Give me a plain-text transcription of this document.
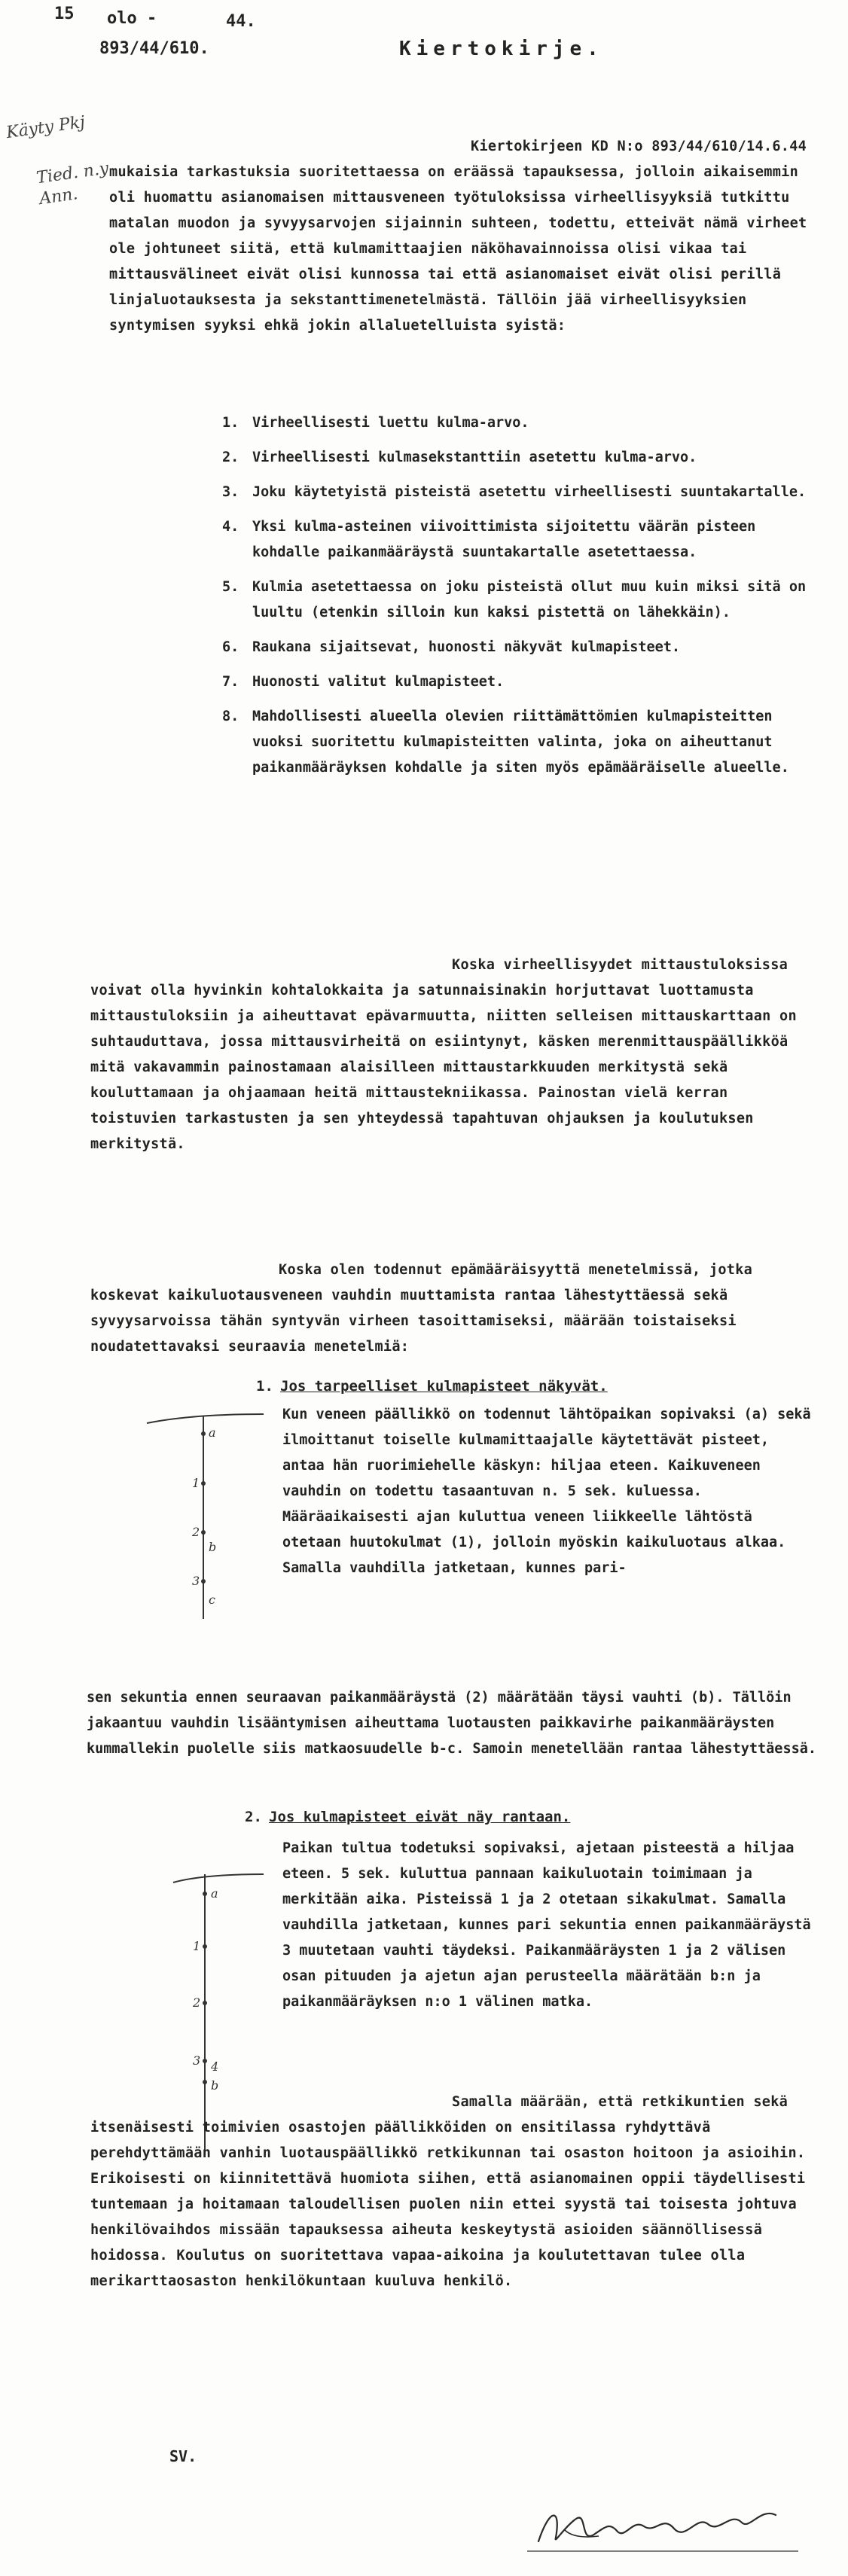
15 olo -	44.
893/44/610.	Kiertokirje.
Käyty Pkj
Tied. n.y Ann.
Kiertokirjeen KD N:o 893/44/610/14.6.44 mukaisia tarkastuksia suoritettaessa on eräässä tapauksessa, jolloin aikaisemmin oli huomattu asianomaisen mittausveneen työtuloksissa virheellisyyksiä tutkittu matalan muodon ja syvyysarvojen sijainnin suhteen, todettu, etteivät nämä virheet ole johtuneet siitä, että kulmamittaajien näköhavainnoissa olisi vikaa tai mittausvälineet eivät olisi kunnossa tai että asianomaiset eivät olisi perillä linjaluotauksesta ja sekstanttimenetelmästä. Tällöin jää virheellisyyksien syntymisen syyksi ehkä jokin allaluetelluista syistä:
1. Virheellisesti luettu kulma-arvo.
2. Virheellisesti kulmasekstanttiin asetettu kulma-arvo.
3. Joku käytetyistä pisteistä asetettu virheellisesti suuntakartalle.
4. Yksi kulma-asteinen viivoittimista sijoitettu väärän pisteen kohdalle paikanmääräystä suuntakartalle asetettaessa.
5. Kulmia asetettaessa on joku pisteistä ollut muu kuin miksi sitä on luultu (etenkin silloin kun kaksi pistettä on lähekkäin).
6. Raukana sijaitsevat, huonosti näkyvät kulmapisteet.
7. Huonosti valitut kulmapisteet.
8. Mahdollisesti alueella olevien riittämättömien kulmapisteitten vuoksi suoritettu kulmapisteitten valinta, joka on aiheuttanut paikanmääräyksen kohdalle ja siten myös epämääräiselle alueelle.
Koska virheellisyydet mittaustuloksissa voivat olla hyvinkin kohtalokkaita ja satunnaisinakin horjuttavat luottamusta mittaustuloksiin ja aiheuttavat epävarmuutta, niitten selleisen mittauskarttaan on suhtauduttava, jossa mittausvirheitä on esiintynyt, käsken merenmittauspäällikköä mitä vakavammin painostamaan alaisilleen mittaustarkkuuden merkitystä sekä kouluttamaan ja ohjaamaan heitä mittaustekniikassa. Painostan vielä kerran toistuvien tarkastusten ja sen yhteydessä tapahtuvan ohjauksen ja koulutuksen merkitystä.
Koska olen todennut epämääräisyyttä menetelmissä, jotka koskevat kaikuluotausveneen vauhdin muuttamista rantaa lähestyttäessä sekä syvyysarvoissa tähän syntyvän virheen tasoittamiseksi, määrään toistaiseksi noudatettavaksi seuraavia menetelmiä:
1. Jos tarpeelliset kulmapisteet näkyvät.
a
1
2
3
b
c
Kun veneen päällikkö on todennut lähtöpaikan sopivaksi (a) sekä ilmoittanut toiselle kulmamittaajalle käytettävät pisteet, antaa hän ruorimiehelle käskyn: hiljaa eteen. Kaikuveneen vauhdin on todettu tasaantuvan n. 5 sek. kuluessa. Määräaikaisesti ajan kuluttua veneen liikkeelle lähtöstä otetaan huutokulmat (1), jolloin myöskin kaikuluotaus alkaa. Samalla vauhdilla jatketaan, kunnes pari-
sen sekuntia ennen seuraavan paikanmääräystä (2) määrätään täysi vauhti (b). Tällöin jakaantuu vauhdin lisääntymisen aiheuttama luotausten paikkavirhe paikanmääräysten kummallekin puolelle siis matkaosuudelle b-c. Samoin menetellään rantaa lähestyttäessä.
2. Jos kulmapisteet eivät näy rantaan.
a
1
2
3 4
b
Paikan tultua todetuksi sopivaksi, ajetaan pisteestä a hiljaa eteen. 5 sek. kuluttua pannaan kaikuluotain toimimaan ja merkitään aika. Pisteissä 1 ja 2 otetaan sikakulmat. Samalla vauhdilla jatketaan, kunnes pari sekuntia ennen paikanmääräystä 3 muutetaan vauhti täydeksi. Paikanmääräysten 1 ja 2 välisen osan pituuden ja ajetun ajan perusteella määrätään b:n ja paikanmääräyksen n:o 1 välinen matka.
Samalla määrään, että retkikuntien sekä itsenäisesti toimivien osastojen päällikköiden on ensitilassa ryhdyttävä perehdyttämään vanhin luotauspäällikkö retkikunnan tai osaston hoitoon ja asioihin. Erikoisesti on kiinnitettävä huomiota siihen, että asianomainen oppii täydellisesti tuntemaan ja hoitamaan taloudellisen puolen niin ettei syystä tai toisesta johtuva henkilövaihdos missään tapauksessa aiheuta keskeytystä asioiden säännöllisessä hoidossa. Koulutus on suoritettava vapaa-aikoina ja koulutettavan tulee olla merikarttaosaston henkilökuntaan kuuluva henkilö.
SV.
